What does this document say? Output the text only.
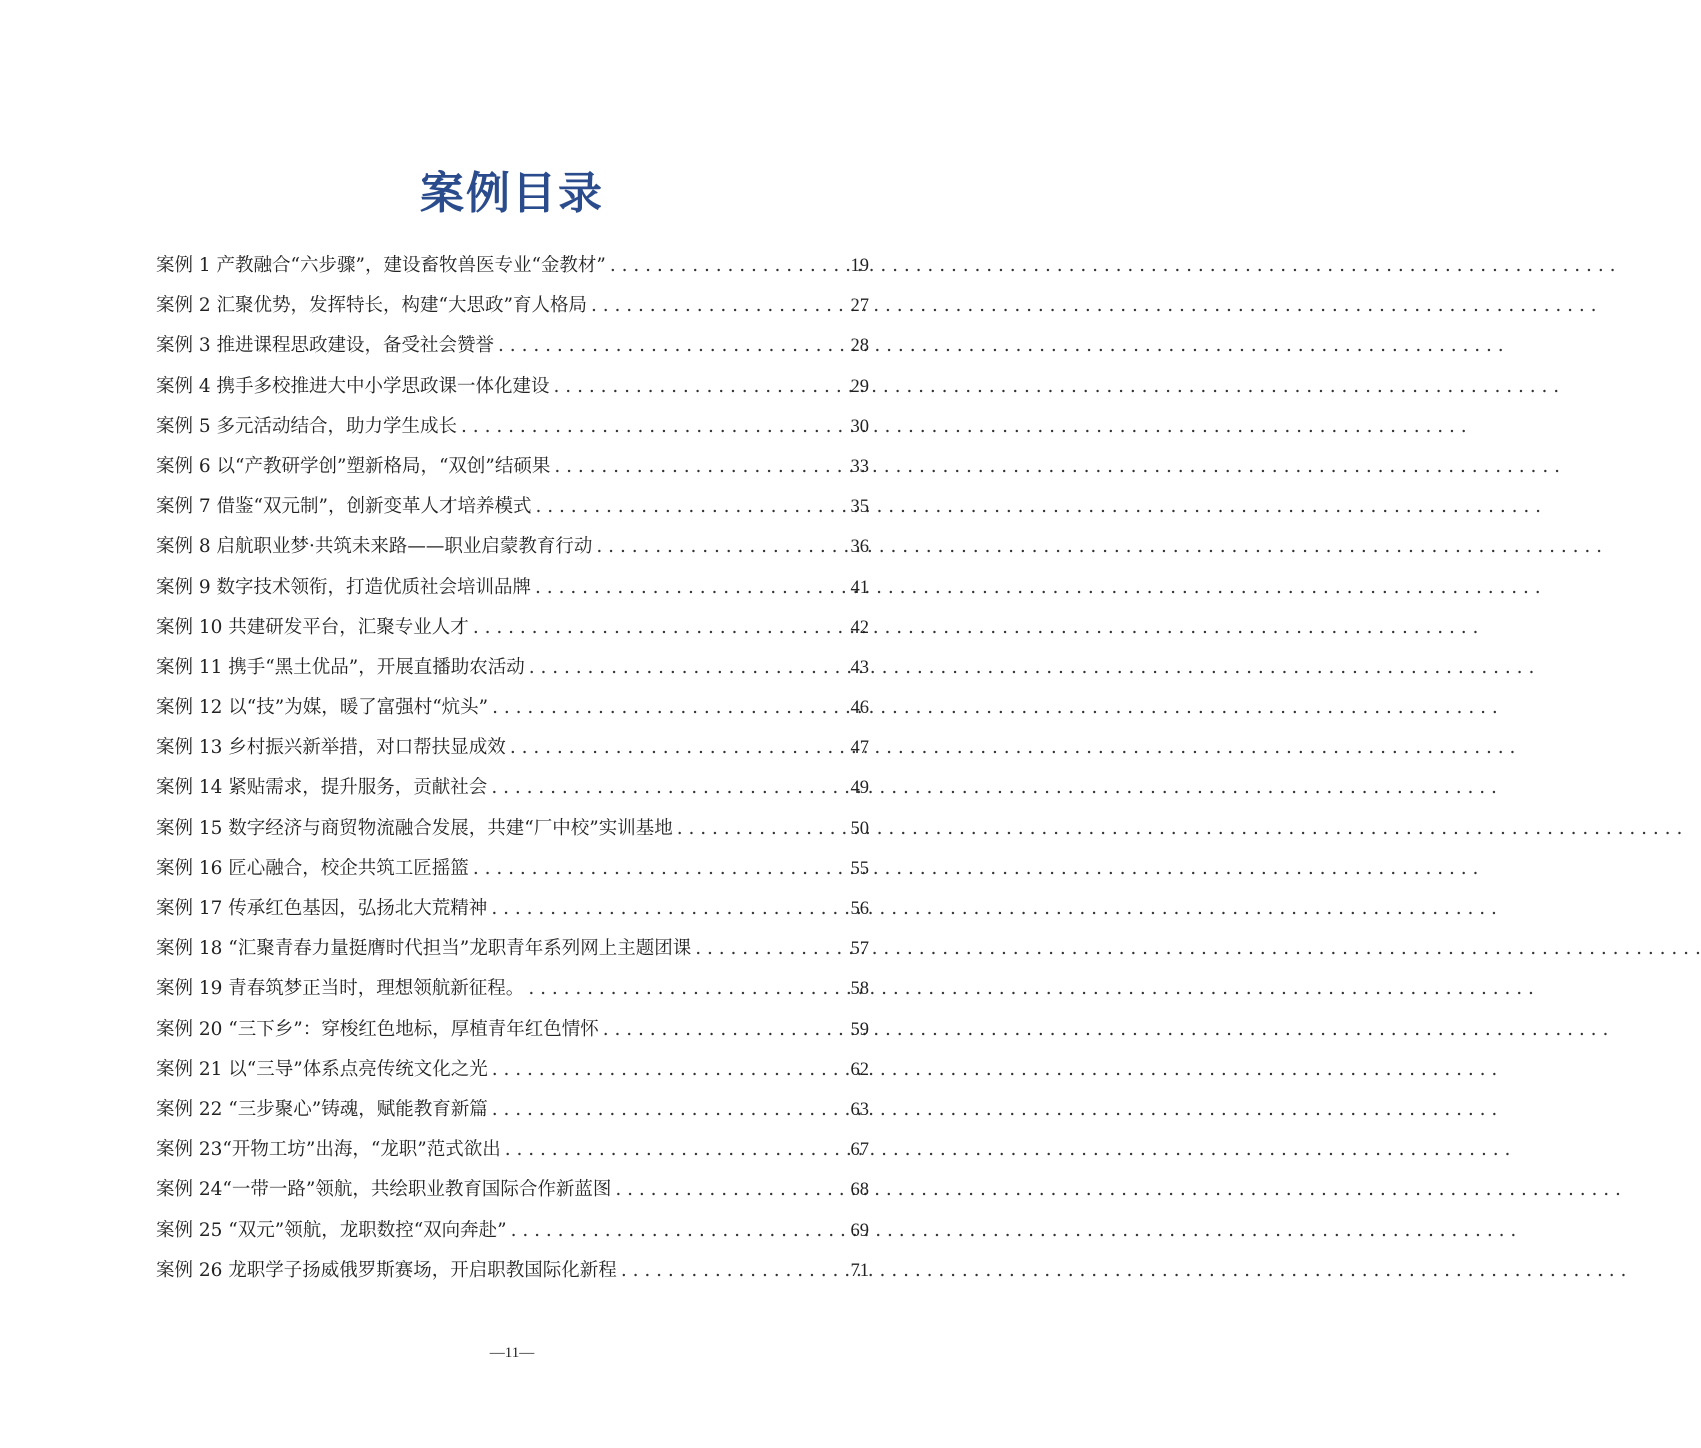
案例目录
案例 1 产教融合“六步骤”，建设畜牧兽医专业“金教材” . . .	19
案例 2 汇聚优势，发挥特长，构建“大思政”育人格局 . . .	27
案例 3 推进课程思政建设，备受社会赞誉 . . .	28
案例 4 携手多校推进大中小学思政课一体化建设 . . .	29
案例 5 多元活动结合，助力学生成长 . . .	30
案例 6 以“产教研学创”塑新格局，“双创”结硕果 . . .	33
案例 7 借鉴“双元制”，创新变革人才培养模式 . . .	35
案例 8 启航职业梦·共筑未来路——职业启蒙教育行动 . . .	36
案例 9 数字技术领衔，打造优质社会培训品牌 . . .	41
案例 10 共建研发平台，汇聚专业人才 . . .	42
案例 11 携手“黑土优品”，开展直播助农活动 . . .	43
案例 12 以“技”为媒，暖了富强村“炕头” . . .	46
案例 13 乡村振兴新举措，对口帮扶显成效 . . .	47
案例 14 紧贴需求，提升服务，贡献社会 . . .	49
案例 15 数字经济与商贸物流融合发展，共建“厂中校”实训基地 . . .	50
案例 16 匠心融合，校企共筑工匠摇篮 . . .	55
案例 17 传承红色基因，弘扬北大荒精神 . . .	56
案例 18 “汇聚青春力量挺膺时代担当”龙职青年系列网上主题团课 . . .	57
案例 19 青春筑梦正当时，理想领航新征程。 . . .	58
案例 20 “三下乡”：穿梭红色地标，厚植青年红色情怀 . . .	59
案例 21 以“三导”体系点亮传统文化之光 . . .	62
案例 22 “三步聚心”铸魂，赋能教育新篇 . . .	63
案例 23“开物工坊”出海，“龙职”范式欲出 . . .	67
案例 24“一带一路”领航，共绘职业教育国际合作新蓝图 . . .	68
案例 25 “双元”领航，龙职数控“双向奔赴” . . .	69
案例 26 龙职学子扬威俄罗斯赛场，开启职教国际化新程 . . .	71
—11—
